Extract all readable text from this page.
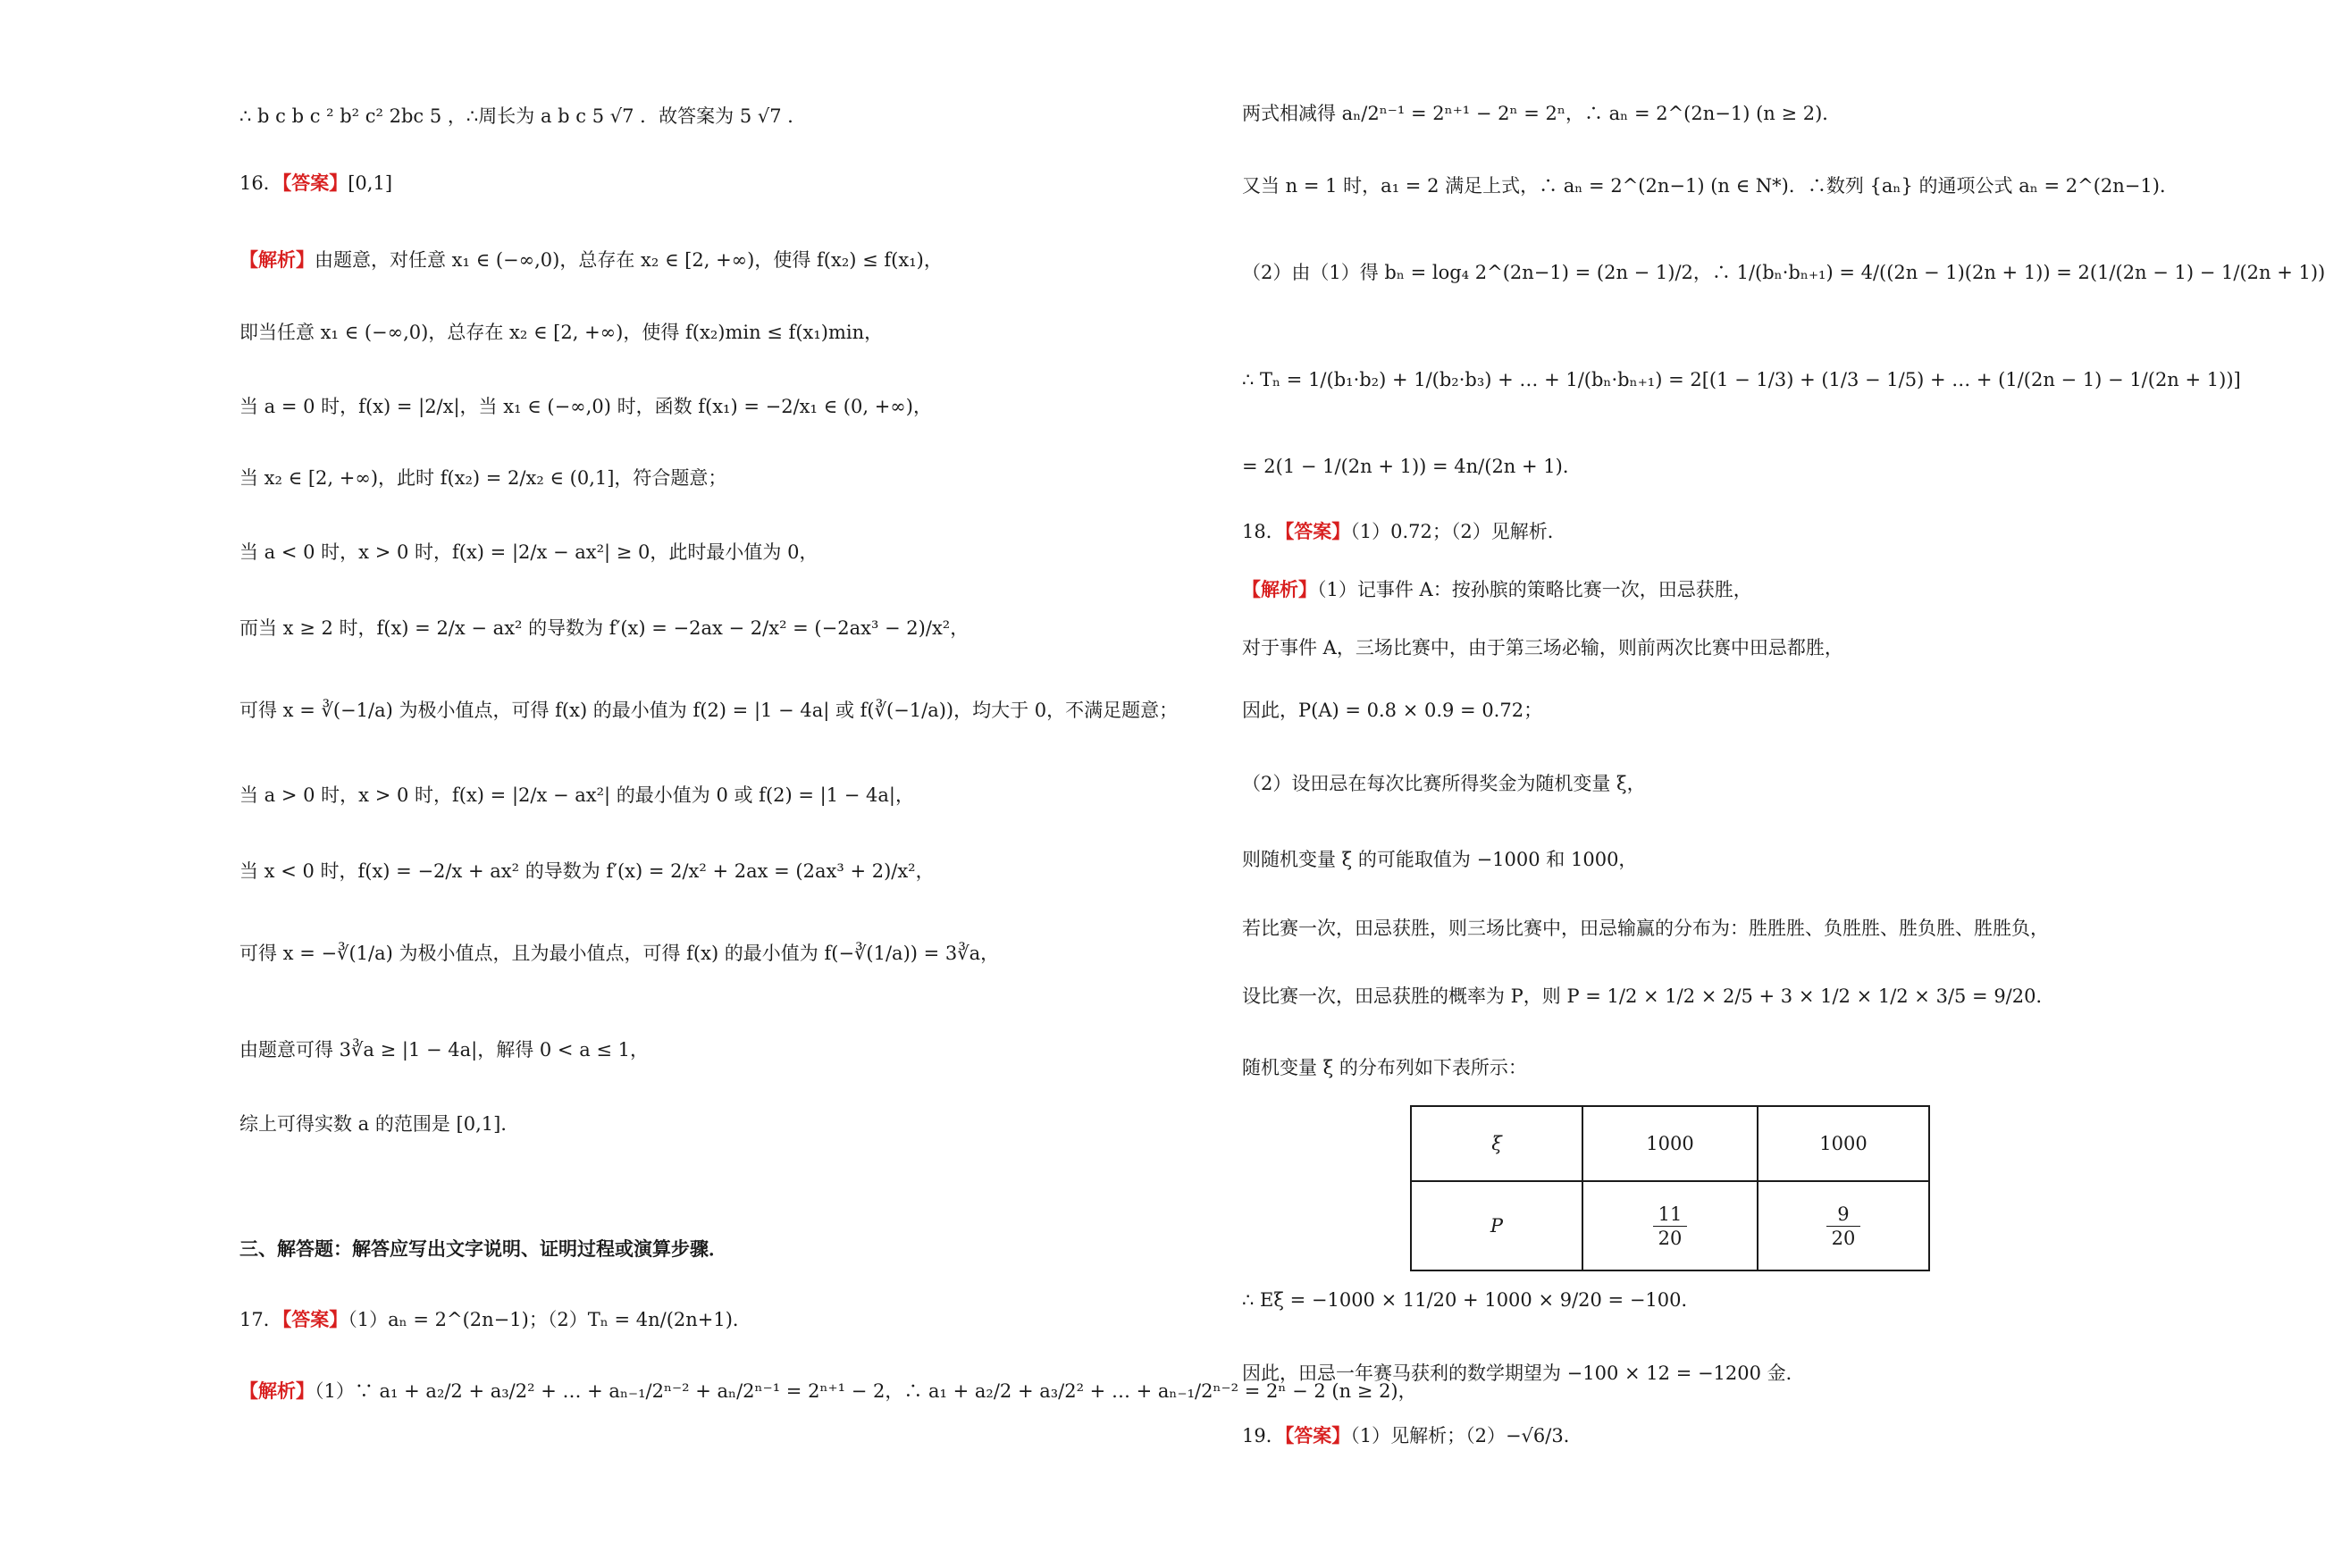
∴ b c b c ² b² c² 2bc 5 ，∴周长为 a b c 5 √7 ．故答案为 5 √7 ．
16．【答案】[0,1]
【解析】由题意，对任意 x₁ ∈ (−∞,0)，总存在 x₂ ∈ [2, +∞)，使得 f(x₂) ≤ f(x₁)，
即当任意 x₁ ∈ (−∞,0)，总存在 x₂ ∈ [2, +∞)，使得 f(x₂)min ≤ f(x₁)min，
当 a = 0 时，f(x) = |2/x|，当 x₁ ∈ (−∞,0) 时，函数 f(x₁) = −2/x₁ ∈ (0, +∞)，
当 x₂ ∈ [2, +∞)，此时 f(x₂) = 2/x₂ ∈ (0,1]，符合题意；
当 a < 0 时，x > 0 时，f(x) = |2/x − ax²| ≥ 0，此时最小值为 0，
而当 x ≥ 2 时，f(x) = 2/x − ax² 的导数为 f′(x) = −2ax − 2/x² = (−2ax³ − 2)/x²，
可得 x = ∛(−1/a) 为极小值点，可得 f(x) 的最小值为 f(2) = |1 − 4a| 或 f(∛(−1/a))，均大于 0，不满足题意；
当 a > 0 时，x > 0 时，f(x) = |2/x − ax²| 的最小值为 0 或 f(2) = |1 − 4a|，
当 x < 0 时，f(x) = −2/x + ax² 的导数为 f′(x) = 2/x² + 2ax = (2ax³ + 2)/x²，
可得 x = −∛(1/a) 为极小值点，且为最小值点，可得 f(x) 的最小值为 f(−∛(1/a)) = 3∛a，
由题意可得 3∛a ≥ |1 − 4a|，解得 0 < a ≤ 1，
综上可得实数 a 的范围是 [0,1]．
三、解答题：解答应写出文字说明、证明过程或演算步骤．
17．【答案】（1）aₙ = 2^(2n−1)；（2）Tₙ = 4n/(2n+1)．
【解析】（1）∵ a₁ + a₂/2 + a₃/2² + … + aₙ₋₁/2ⁿ⁻² + aₙ/2ⁿ⁻¹ = 2ⁿ⁺¹ − 2，∴ a₁ + a₂/2 + a₃/2² + … + aₙ₋₁/2ⁿ⁻² = 2ⁿ − 2 (n ≥ 2)，
两式相减得 aₙ/2ⁿ⁻¹ = 2ⁿ⁺¹ − 2ⁿ = 2ⁿ，∴ aₙ = 2^(2n−1) (n ≥ 2)．
又当 n = 1 时，a₁ = 2 满足上式，∴ aₙ = 2^(2n−1) (n ∈ N*)．∴数列 {aₙ} 的通项公式 aₙ = 2^(2n−1)．
（2）由（1）得 bₙ = log₄ 2^(2n−1) = (2n − 1)/2，∴ 1/(bₙ·bₙ₊₁) = 4/((2n − 1)(2n + 1)) = 2(1/(2n − 1) − 1/(2n + 1))
∴ Tₙ = 1/(b₁·b₂) + 1/(b₂·b₃) + … + 1/(bₙ·bₙ₊₁) = 2[(1 − 1/3) + (1/3 − 1/5) + … + (1/(2n − 1) − 1/(2n + 1))]
= 2(1 − 1/(2n + 1)) = 4n/(2n + 1)．
18．【答案】（1）0.72；（2）见解析．
【解析】（1）记事件 A：按孙膑的策略比赛一次，田忌获胜，
对于事件 A，三场比赛中，由于第三场必输，则前两次比赛中田忌都胜，
因此，P(A) = 0.8 × 0.9 = 0.72；
（2）设田忌在每次比赛所得奖金为随机变量 ξ，
则随机变量 ξ 的可能取值为 −1000 和 1000，
若比赛一次，田忌获胜，则三场比赛中，田忌输赢的分布为：胜胜胜、负胜胜、胜负胜、胜胜负，
设比赛一次，田忌获胜的概率为 P，则 P = 1/2 × 1/2 × 2/5 + 3 × 1/2 × 1/2 × 3/5 = 9/20．
随机变量 ξ 的分布列如下表所示：
∴ Eξ = −1000 × 11/20 + 1000 × 9/20 = −100．
因此，田忌一年赛马获利的数学期望为 −100 × 12 = −1200 金．
19．【答案】（1）见解析；（2）−√6/3．
ξ	1000	1000
P	$\frac{11}{20}$	$\frac{9}{20}$
